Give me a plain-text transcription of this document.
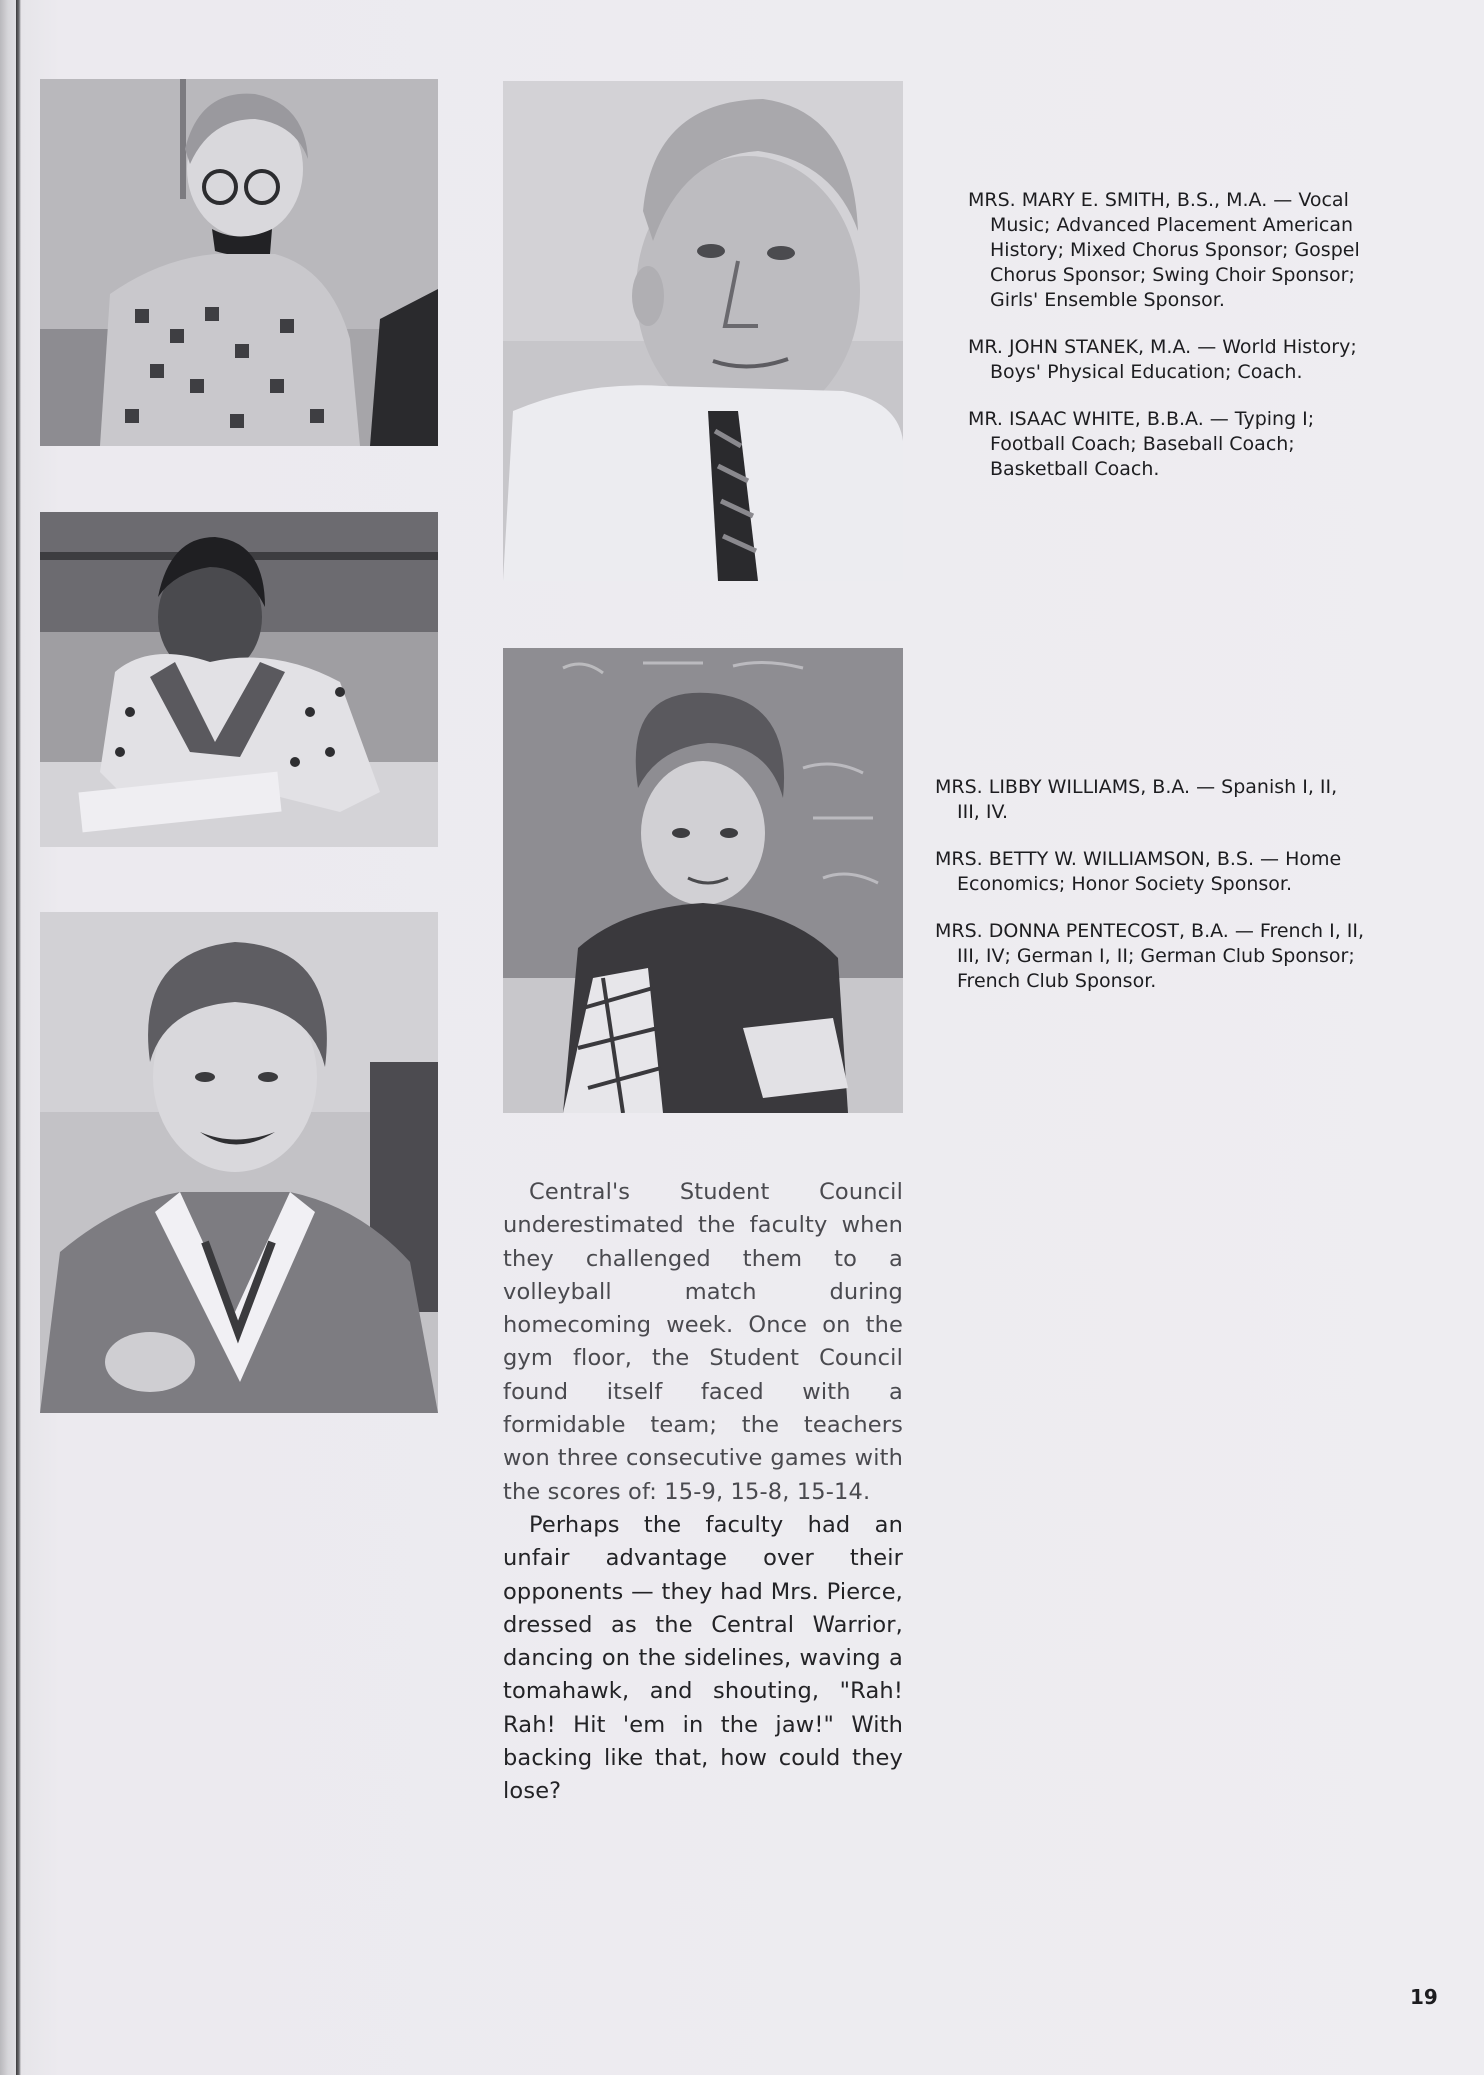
MRS. MARY E. SMITH, B.S., M.A. — Vocal Music; Advanced Placement American History; Mixed Chorus Sponsor; Gospel Chorus Sponsor; Swing Choir Sponsor; Girls' Ensemble Sponsor.

MR. JOHN STANEK, M.A. — World History; Boys' Physical Education; Coach.

MR. ISAAC WHITE, B.B.A. — Typing I; Football Coach; Baseball Coach; Basketball Coach.

MRS. LIBBY WILLIAMS, B.A. — Spanish I, II, III, IV.

MRS. BETTY W. WILLIAMSON, B.S. — Home Economics; Honor Society Sponsor.

MRS. DONNA PENTECOST, B.A. — French I, II, III, IV; German I, II; German Club Sponsor; French Club Sponsor.

Central's Student Council underestimated the faculty when they challenged them to a volleyball match during homecoming week. Once on the gym floor, the Student Council found itself faced with a formidable team; the teachers won three consecutive games with the scores of: 15-9, 15-8, 15-14.

Perhaps the faculty had an unfair advantage over their opponents — they had Mrs. Pierce, dressed as the Central Warrior, dancing on the sidelines, waving a tomahawk, and shouting, "Rah! Rah! Hit 'em in the jaw!" With backing like that, how could they lose?

19
